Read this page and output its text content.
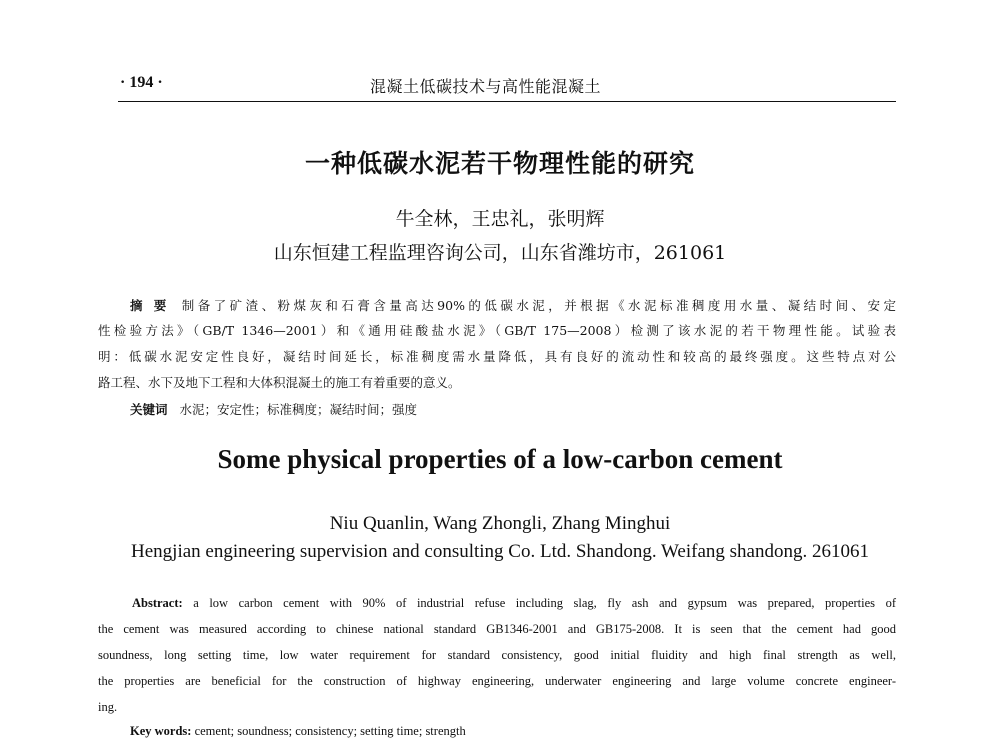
· 194 ·	混凝土低碳技术与高性能混凝土
一种低碳水泥若干物理性能的研究
牛全林，王忠礼，张明辉
山东恒建工程监理咨询公司，山东省潍坊市，261061
摘 要 制备了矿渣、粉煤灰和石膏含量高达90%的低碳水泥，并根据《水泥标准稠度用水量、凝结时间、安定
性检验方法》（GB/T 1346—2001）和《通用硅酸盐水泥》（GB/T 175—2008）检测了该水泥的若干物理性能。试验表
明：低碳水泥安定性良好，凝结时间延长，标准稠度需水量降低，具有良好的流动性和较高的最终强度。这些特点对公
路工程、水下及地下工程和大体积混凝土的施工有着重要的意义。
关键词 水泥；安定性；标准稠度；凝结时间；强度
Some physical properties of a low-carbon cement
Niu Quanlin, Wang Zhongli, Zhang Minghui
Hengjian engineering supervision and consulting Co. Ltd. Shandong. Weifang shandong. 261061
Abstract: a low carbon cement with 90% of industrial refuse including slag, fly ash and gypsum was prepared, properties of
the cement was measured according to chinese national standard GB1346-2001 and GB175-2008. It is seen that the cement had good
soundness, long setting time, low water requirement for standard consistency, good initial fluidity and high final strength as well,
the properties are beneficial for the construction of highway engineering, underwater engineering and large volume concrete engineer-
ing.
Key words: cement; soundness; consistency; setting time; strength
